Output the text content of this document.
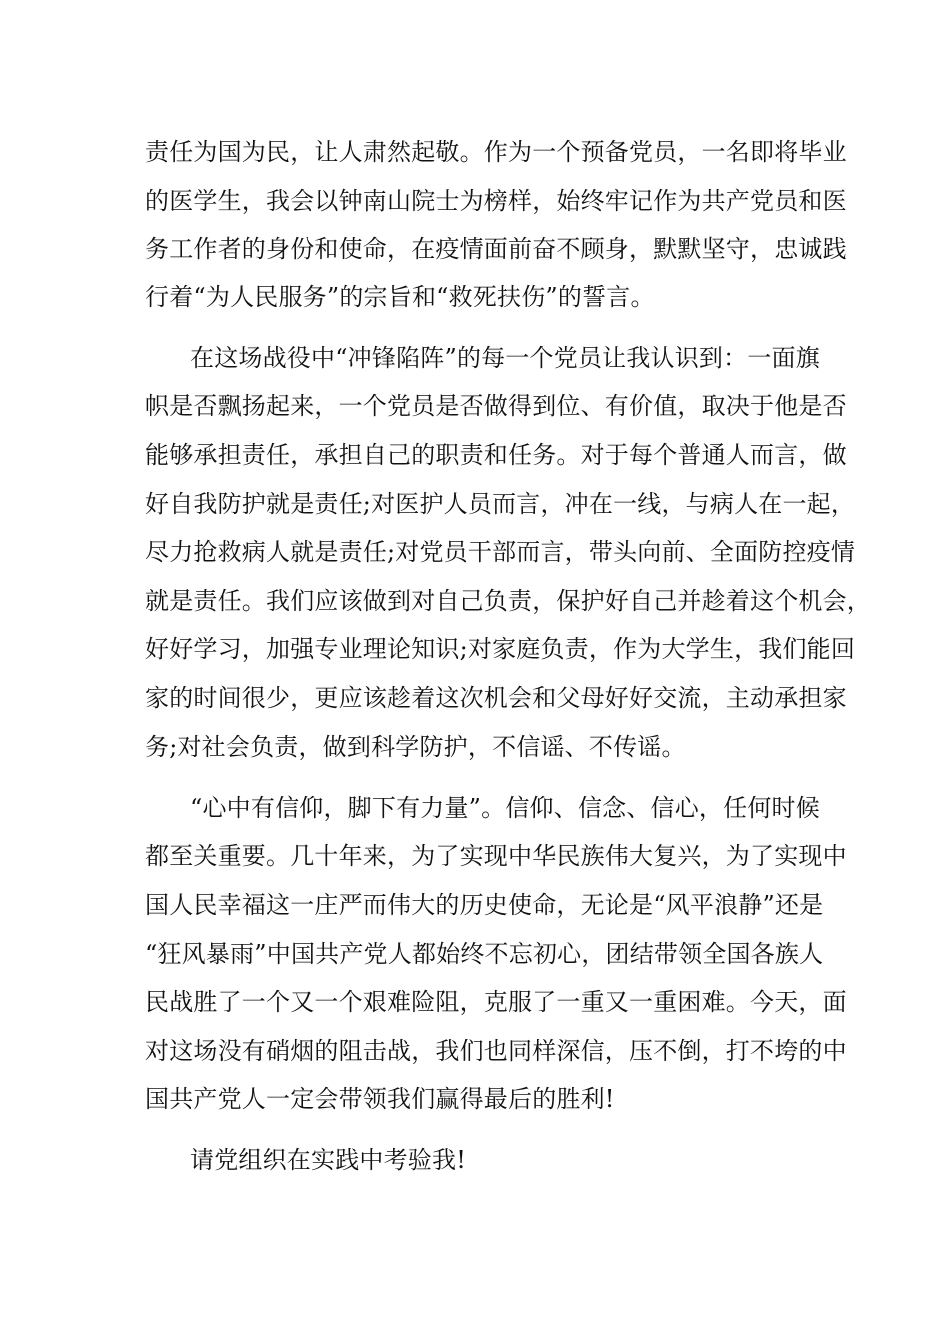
责任为国为民，让人肃然起敬。作为一个预备党员，一名即将毕业
的医学生，我会以钟南山院士为榜样，始终牢记作为共产党员和医
务工作者的身份和使命，在疫情面前奋不顾身，默默坚守，忠诚践
行着“为人民服务”的宗旨和“救死扶伤”的誓言。
在这场战役中“冲锋陷阵”的每一个党员让我认识到：一面旗
帜是否飘扬起来，一个党员是否做得到位、有价值，取决于他是否
能够承担责任，承担自己的职责和任务。对于每个普通人而言，做
好自我防护就是责任;对医护人员而言，冲在一线，与病人在一起，
尽力抢救病人就是责任;对党员干部而言，带头向前、全面防控疫情
就是责任。我们应该做到对自己负责，保护好自己并趁着这个机会，
好好学习，加强专业理论知识;对家庭负责，作为大学生，我们能回
家的时间很少，更应该趁着这次机会和父母好好交流，主动承担家
务;对社会负责，做到科学防护，不信谣、不传谣。
“心中有信仰，脚下有力量”。信仰、信念、信心，任何时候
都至关重要。几十年来，为了实现中华民族伟大复兴，为了实现中
国人民幸福这一庄严而伟大的历史使命，无论是“风平浪静”还是
“狂风暴雨”中国共产党人都始终不忘初心，团结带领全国各族人
民战胜了一个又一个艰难险阻，克服了一重又一重困难。今天，面
对这场没有硝烟的阻击战，我们也同样深信，压不倒，打不垮的中
国共产党人一定会带领我们赢得最后的胜利!
请党组织在实践中考验我!
